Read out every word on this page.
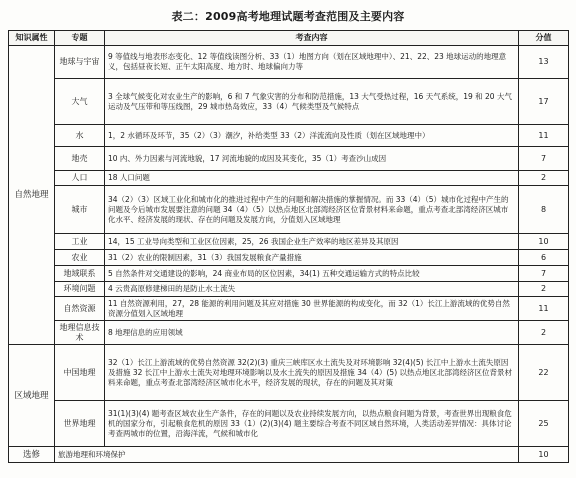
表二：2009高考地理试题考查范围及主要内容
知识属性	专题	考查内容	分值
自然地理	地球与宇宙	9 等值线与地表形态变化、12 等值线读图分析、33（1）地图方向（划在区域地理中）、21、22、23 地球运动的地理意义，包括昼夜长短、正午太阳高度、地方时、地球偏向力等	13
	大气	3 全球气候变化对农业生产的影响，6 和 7 气象灾害的分布和防范措施，13 大气受热过程，16 天气系统，19 和 20 大气运动及气压带和等压线图，29 城市热岛效应，33（4）气候类型及气候特点	17
	水	1，2 水循环及环节，35（2）（3）潮汐，补给类型 33（2）洋流流向及性质（划在区域地理中）	11
	地壳	10 内、外力因素与河流地貌，17 河流地貌的成因及其变化，35（1）考查沙山成因	7
	人口	18 人口问题	2
	城市	34（2）（3）区域工业化和城市化的推进过程中产生的问题和解决措施的掌握情况。而 33（4）（5）城市化过程中产生的问题及今后城市发展要注意的问题 34（4）（5）以热点地区北部湾经济区位背景材料来命题，重点考查北部湾经济区城市化水平、经济发展的现状、存在的问题及发展方向，分值划入区域地理	8
	工业	14，15 工业导向类型和工业区位因素，25，26 我国企业生产效率的地区差异及其原因	10
	农业	31（2）农业的限制因素，31（3）我国发展粮食产量措施	6
	地域联系	5 自然条件对交通建设的影响，24 商业布局的区位因素，34(1) 五种交通运输方式的特点比较	7
	环境问题	4 云贵高原修建梯田的是防止水土流失	2
	自然资源	11 自然资源利用，27，28 能源的利用问题及其应对措施 30 世界能源的构成变化，而 32（1）长江上游流域的优势自然资源分值划入区域地理	11
	地理信息技术	8 地理信息的应用领域	2
区域地理	中国地理	32（1）长江上游流域的优势自然资源 32(2)(3) 重庆三峡库区水土流失及对环境影响 32(4)(5) 长江中上游水土流失原因及措施 32 长江中上游水土流失对地理环境影响以及水土流失的原因及措施 34（4）(5) 以热点地区北部湾经济区位背景材料来命题，重点考查北部湾经济区城市化水平，经济发展的现状，存在的问题及其对策	22
	世界地理	31(1)(3)(4) 题考查区域农业生产条件，存在的问题以及农业持续发展方向，以热点粮食问题为背景，考查世界出现粮食危机的国家分布，引起粮食危机的原因 33（1）(2)(3)(4) 题主要综合考查不同区域自然环境，人类活动差异情况：具体讨论考查两城市的位置，沿海洋流，气候和城市化	25
选修	旅游地理和环境保护		10
